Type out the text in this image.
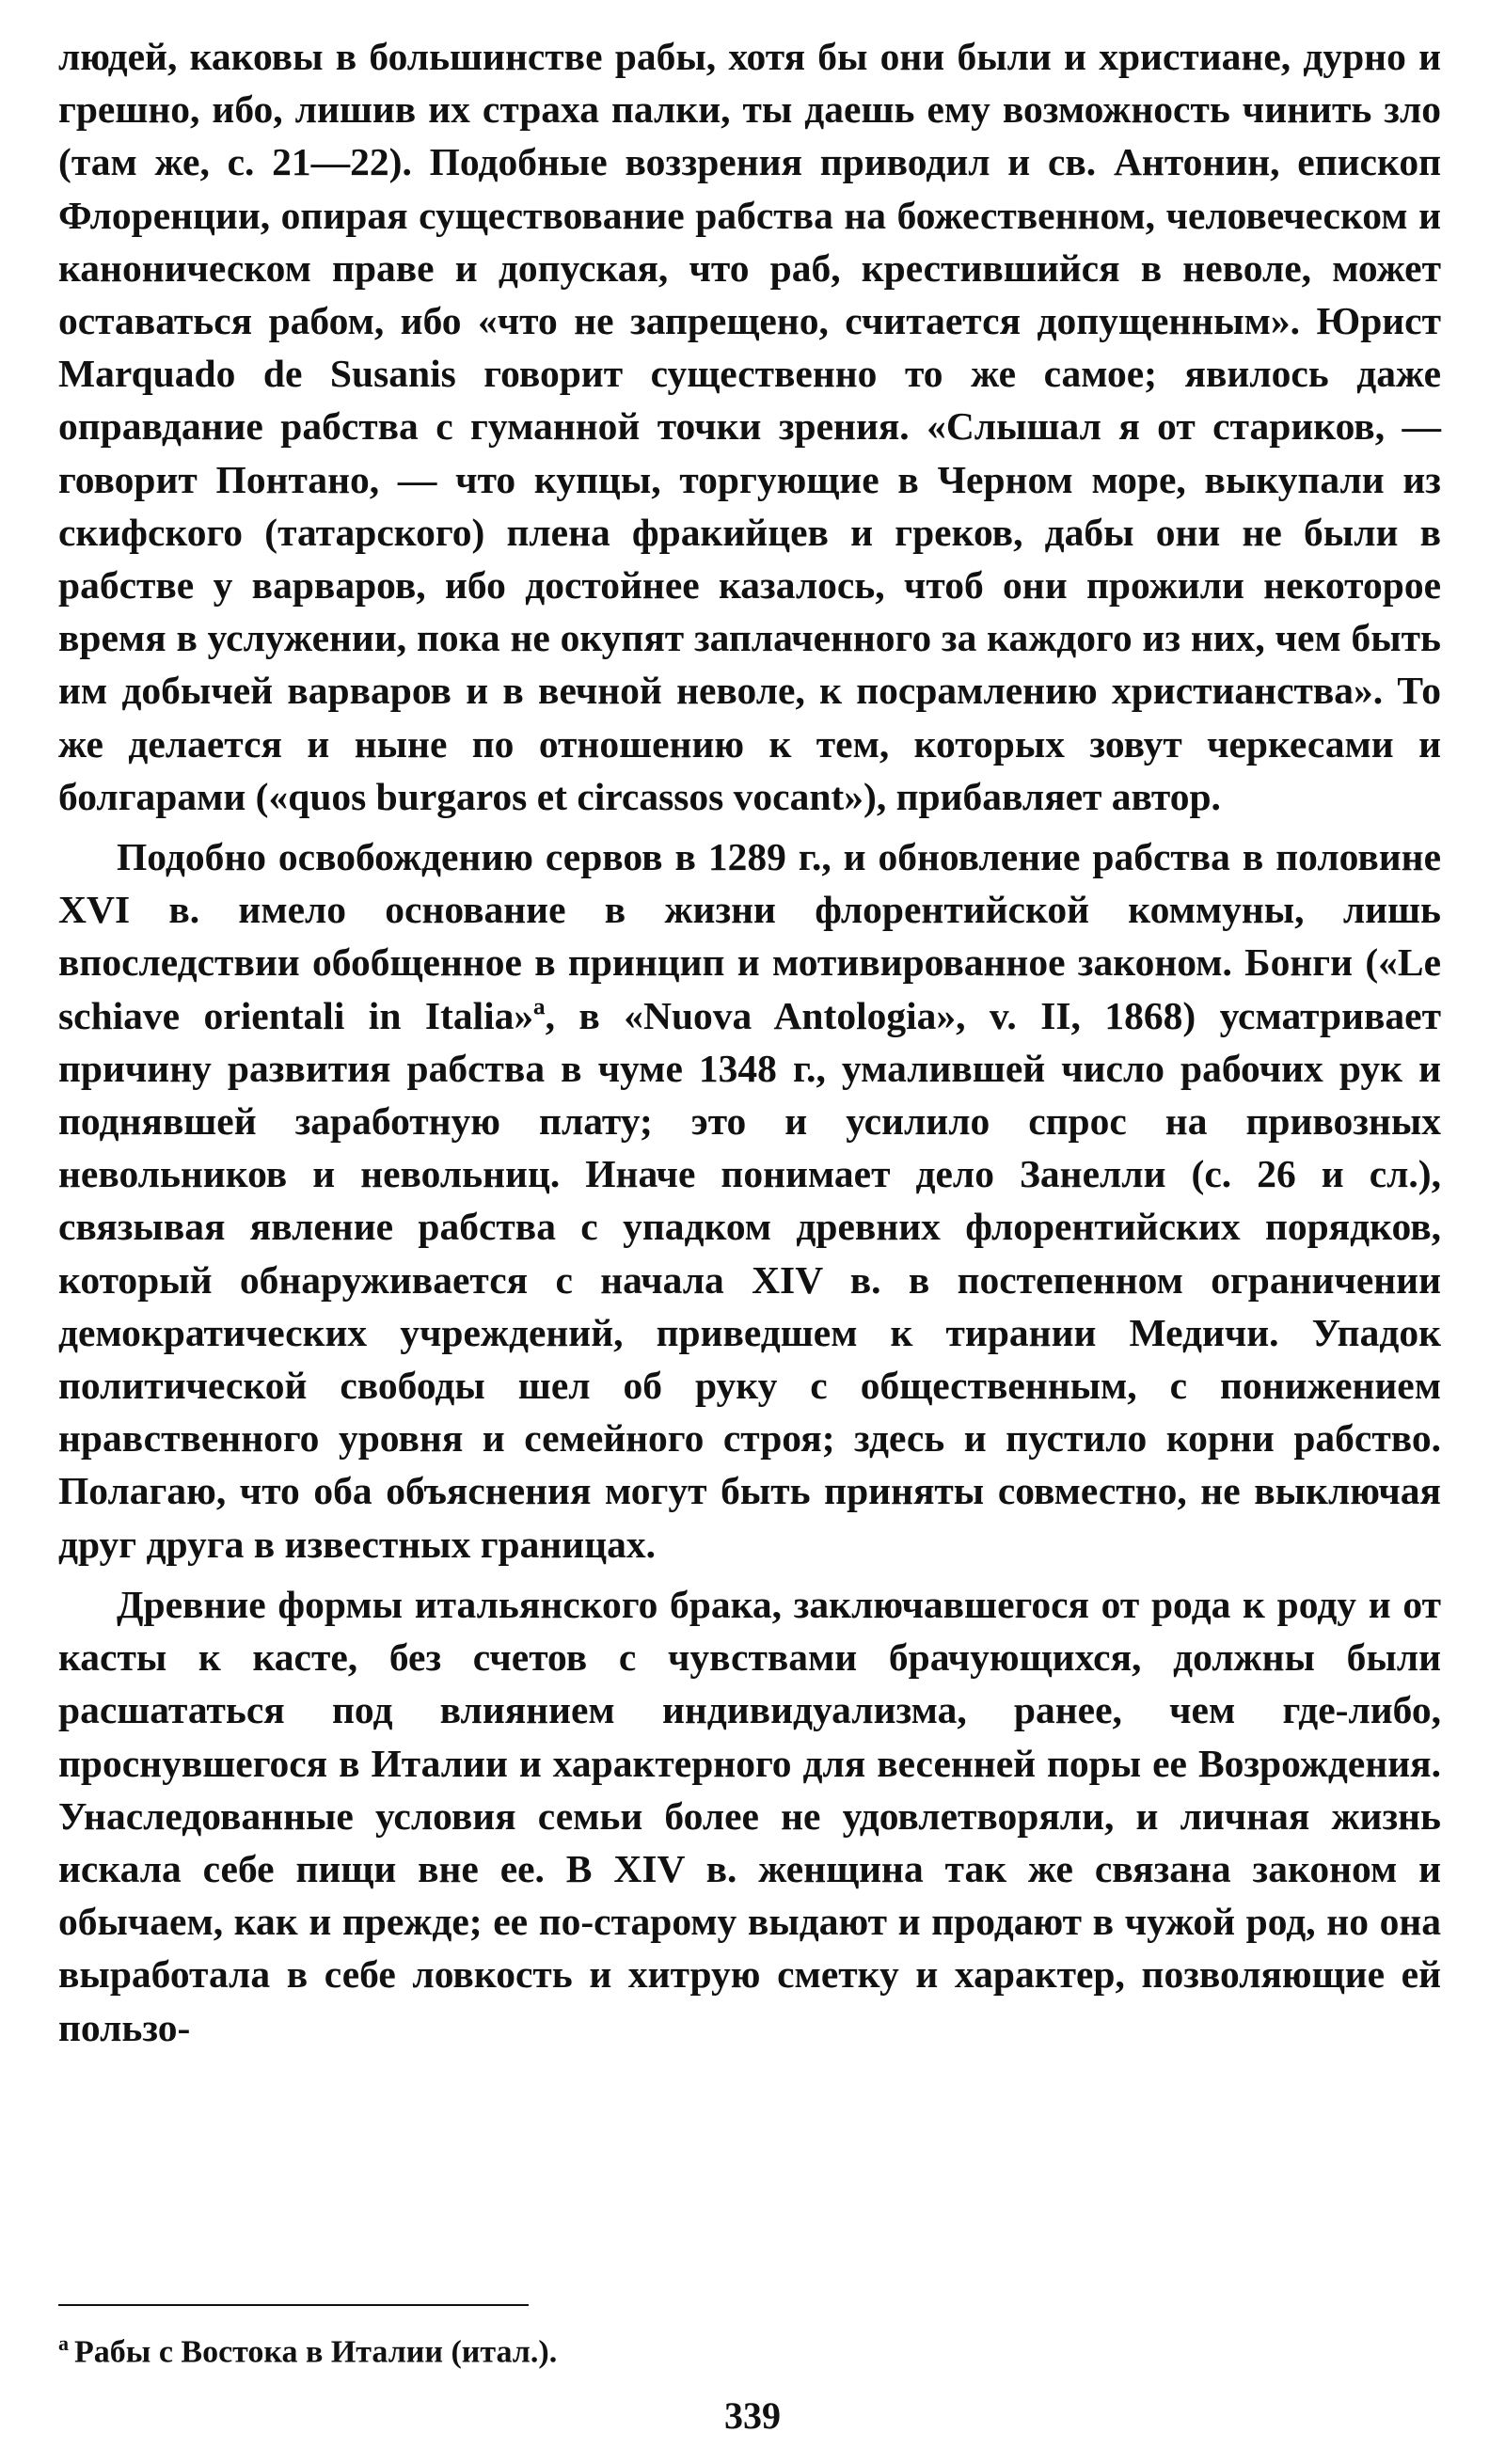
людей, каковы в большинстве рабы, хотя бы они были и христиане, дурно и грешно, ибо, лишив их страха палки, ты даешь ему возможность чинить зло (там же, с. 21—22). Подобные воззрения приводил и св. Антонин, епископ Флоренции, опирая существование рабства на божественном, человеческом и каноническом праве и допуская, что раб, крестившийся в неволе, может оставаться рабом, ибо «что не запрещено, считается допущенным». Юрист Marquado de Susanis говорит существенно то же самое; явилось даже оправдание рабства с гуманной точки зрения. «Слышал я от стариков, — говорит Понтано, — что купцы, торгующие в Черном море, выкупали из скифского (татарского) плена фракийцев и греков, дабы они не были в рабстве у варваров, ибо достойнее казалось, чтоб они прожили некоторое время в услужении, пока не окупят заплаченного за каждого из них, чем быть им добычей варваров и в вечной неволе, к посрамлению христианства». То же делается и ныне по отношению к тем, которых зовут черкесами и болгарами («quos burgaros et circassos vocant»), прибавляет автор.

Подобно освобождению сервов в 1289 г., и обновление рабства в половине XVI в. имело основание в жизни флорентийской коммуны, лишь впоследствии обобщенное в принцип и мотивированное законом. Бонги («Le schiave orientali in Italia»ª, в «Nuova Antologia», v. II, 1868) усматривает причину развития рабства в чуме 1348 г., умалившей число рабочих рук и поднявшей заработную плату; это и усилило спрос на привозных невольников и невольниц. Иначе понимает дело Занелли (с. 26 и сл.), связывая явление рабства с упадком древних флорентийских порядков, который обнаруживается с начала XIV в. в постепенном ограничении демократических учреждений, приведшем к тирании Медичи. Упадок политической свободы шел об руку с общественным, с понижением нравственного уровня и семейного строя; здесь и пустило корни рабство. Полагаю, что оба объяснения могут быть приняты совместно, не выключая друг друга в известных границах.

Древние формы итальянского брака, заключавшегося от рода к роду и от касты к касте, без счетов с чувствами брачующихся, должны были расшататься под влиянием индивидуализма, ранее, чем где-либо, проснувшегося в Италии и характерного для весенней поры ее Возрождения. Унаследованные условия семьи более не удовлетворяли, и личная жизнь искала себе пищи вне ее. В XIV в. женщина так же связана законом и обычаем, как и прежде; ее по-старому выдают и продают в чужой род, но она выработала в себе ловкость и хитрую сметку и характер, позволяющие ей пользо-

$^а$ Рабы с Востока в Италии (итал.).
339
